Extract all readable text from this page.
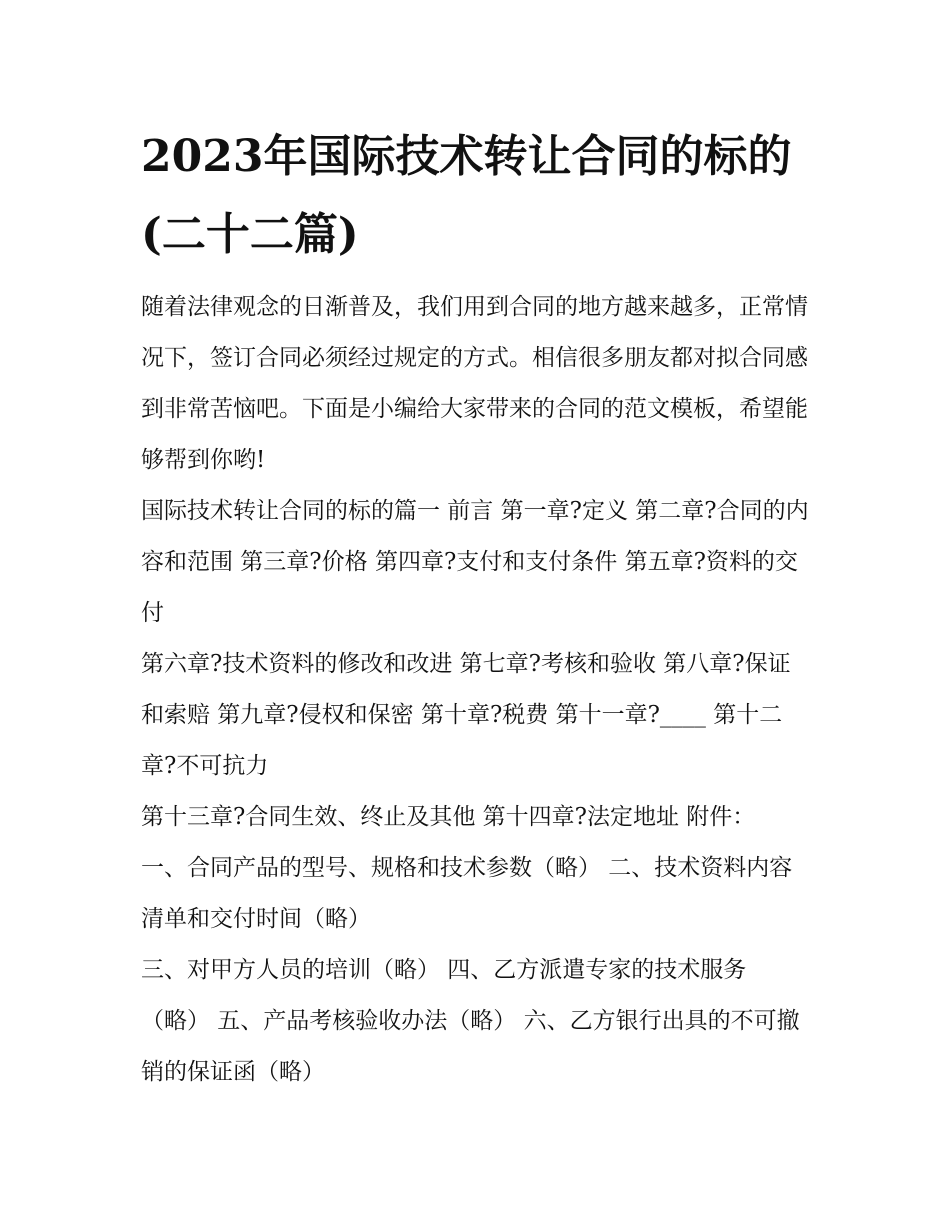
2023年国际技术转让合同的标的(二十二篇)

随着法律观念的日渐普及，我们用到合同的地方越来越多，正常情况下，签订合同必须经过规定的方式。相信很多朋友都对拟合同感到非常苦恼吧。下面是小编给大家带来的合同的范文模板，希望能够帮到你哟!

国际技术转让合同的标的篇一 前言 第一章?定义 第二章?合同的内容和范围 第三章?价格 第四章?支付和支付条件 第五章?资料的交付

第六章?技术资料的修改和改进 第七章?考核和验收 第八章?保证和索赔 第九章?侵权和保密 第十章?税费 第十一章?____ 第十二章?不可抗力

第十三章?合同生效、终止及其他 第十四章?法定地址 附件：

一、合同产品的型号、规格和技术参数（略） 二、技术资料内容清单和交付时间（略）

三、对甲方人员的培训（略） 四、乙方派遣专家的技术服务（略） 五、产品考核验收办法（略） 六、乙方银行出具的不可撤销的保证函（略）
